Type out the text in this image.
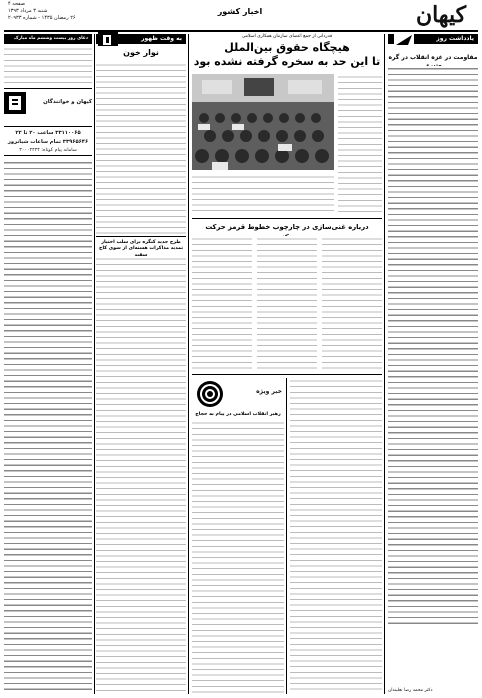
کیهان
اخبار کشور
صفحه ۴
شنبه ۳ مرداد ۱۳۹۳
۲۶ رمضان ۱۴۳۵ - شماره ۲۰۹۳۳
یادداشت روز
مقاومت در غزه انقلاب در گره
دکتر محمد رضا نعلبندان
قدردانی از جمع اعضای سازمان همکاری اسلامی
هیچگاه حقوق بین‌الملل
تا این حد به سخره گرفته نشده بود
درباره غنی‌سازی در چارچوب خطوط قرمز حرکت
خبر ویژه
رهبر انقلاب اسلامی در پیام به حجاج
به وقت ظهور
نوار خون
طرح جدید کنگره برای سلب اختیار تمدید مذاکرات هسته‌ای از سوی کاخ
دعای روز بیست وششم ماه مبارک
کیهان و خوانندگان
۳۳۱۱۰۰۶۵ ساعت ۲۰ تا ۲۲
۳۳۹۶۵۶۴۶ تمام ساعات شبانروز
سامانه پیام کوتاه: ۳۰۰۰۴۴۴۴
